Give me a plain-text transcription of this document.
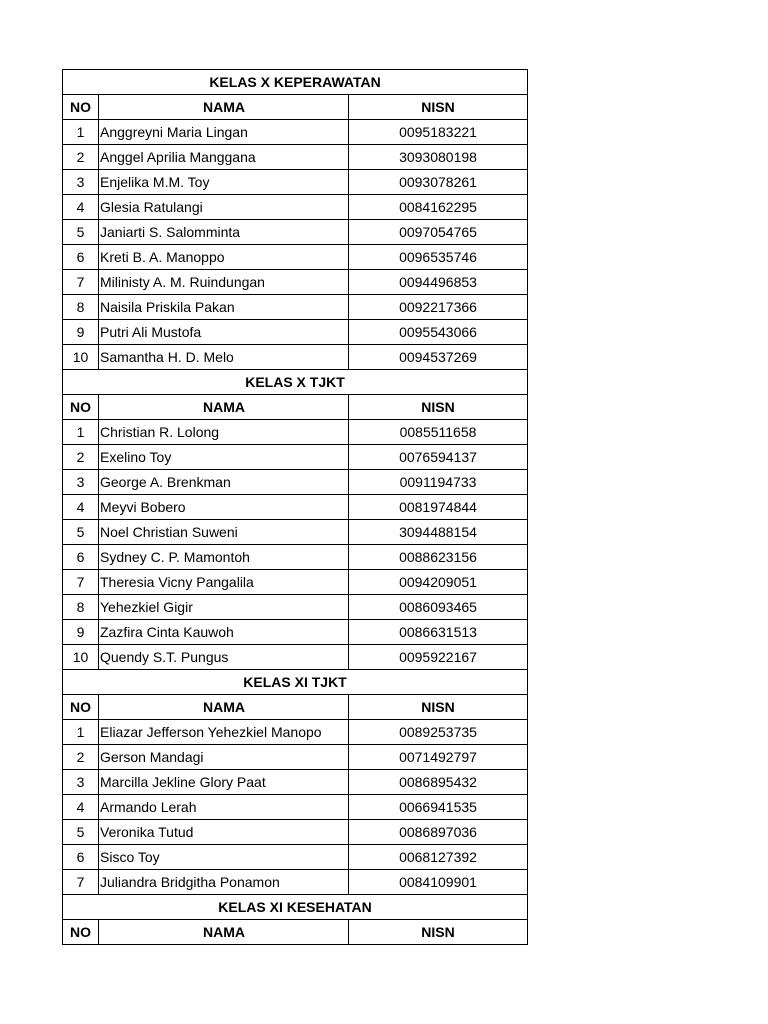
KELAS X KEPERAWATAN		
NO	NAMA	NISN
1	Anggreyni Maria Lingan	0095183221
2	Anggel Aprilia Manggana	3093080198
3	Enjelika M.M. Toy	0093078261
4	Glesia Ratulangi	0084162295
5	Janiarti S. Salomminta	0097054765
6	Kreti B. A. Manoppo	0096535746
7	Milinisty A. M. Ruindungan	0094496853
8	Naisila Priskila Pakan	0092217366
9	Putri Ali Mustofa	0095543066
10	Samantha H. D. Melo	0094537269
KELAS X TJKT		
NO	NAMA	NISN
1	Christian R. Lolong	0085511658
2	Exelino Toy	0076594137
3	George A. Brenkman	0091194733
4	Meyvi Bobero	0081974844
5	Noel Christian Suweni	3094488154
6	Sydney C. P. Mamontoh	0088623156
7	Theresia Vicny Pangalila	0094209051
8	Yehezkiel Gigir	0086093465
9	Zazfira Cinta Kauwoh	0086631513
10	Quendy S.T. Pungus	0095922167
KELAS XI TJKT		
NO	NAMA	NISN
1	Eliazar Jefferson Yehezkiel Manopo	0089253735
2	Gerson Mandagi	0071492797
3	Marcilla Jekline Glory Paat	0086895432
4	Armando Lerah	0066941535
5	Veronika Tutud	0086897036
6	Sisco Toy	0068127392
7	Juliandra Bridgitha Ponamon	0084109901
KELAS XI KESEHATAN		
NO	NAMA	NISN
